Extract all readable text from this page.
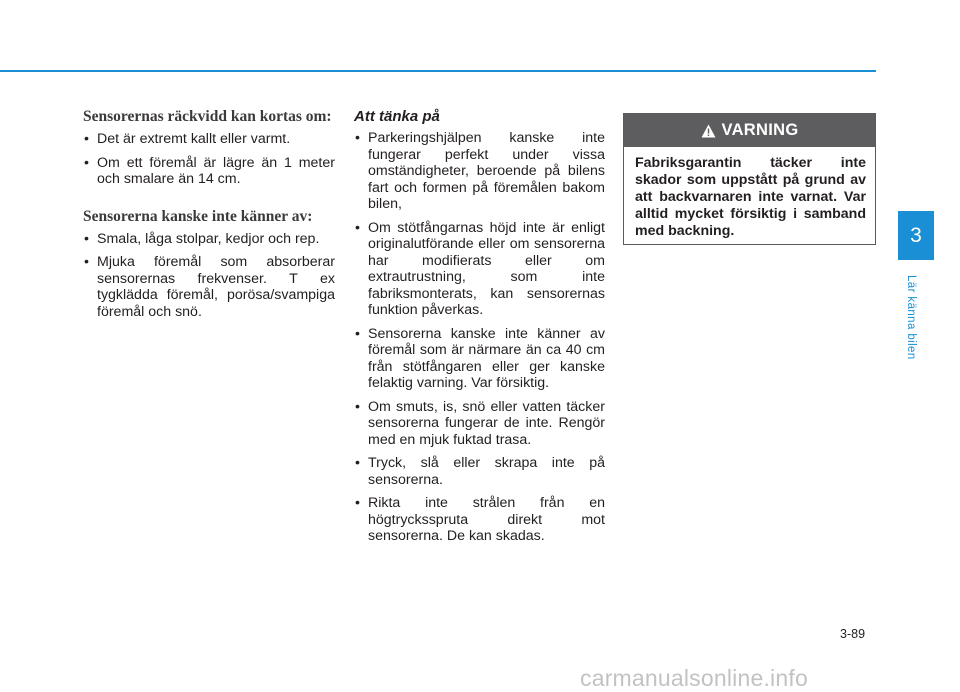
Sensorernas räckvidd kan kortas om:

• Det är extremt kallt eller varmt.
• Om ett föremål är lägre än 1 meter och smalare än 14 cm.

Sensorerna kanske inte känner av:

• Smala, låga stolpar, kedjor och rep.
• Mjuka föremål som absorberar sensorernas frekvenser. T ex tygklädda föremål, porösa/svampiga föremål och snö.

Att tänka på

• Parkeringshjälpen kanske inte fungerar perfekt under vissa omständigheter, beroende på bilens fart och formen på föremålen bakom bilen,
• Om stötfångarnas höjd inte är enligt originalutförande eller om sensorerna har modifierats eller om extrautrustning, som inte fabriksmonterats, kan sensorernas funktion påverkas.
• Sensorerna kanske inte känner av föremål som är närmare än ca 40 cm från stötfångaren eller ger kanske felaktig varning. Var försiktig.
• Om smuts, is, snö eller vatten täcker sensorerna fungerar de inte. Rengör med en mjuk fuktad trasa.
• Tryck, slå eller skrapa inte på sensorerna.
• Rikta inte strålen från en högtrycksspruta direkt mot sensorerna. De kan skadas.
VARNING
Fabriksgarantin täcker inte skador som uppstått på grund av att backvarnaren inte varnat. Var alltid mycket försiktig i samband med backning.	3
Lär känna bilen
3-89
carmanualsonline.info
